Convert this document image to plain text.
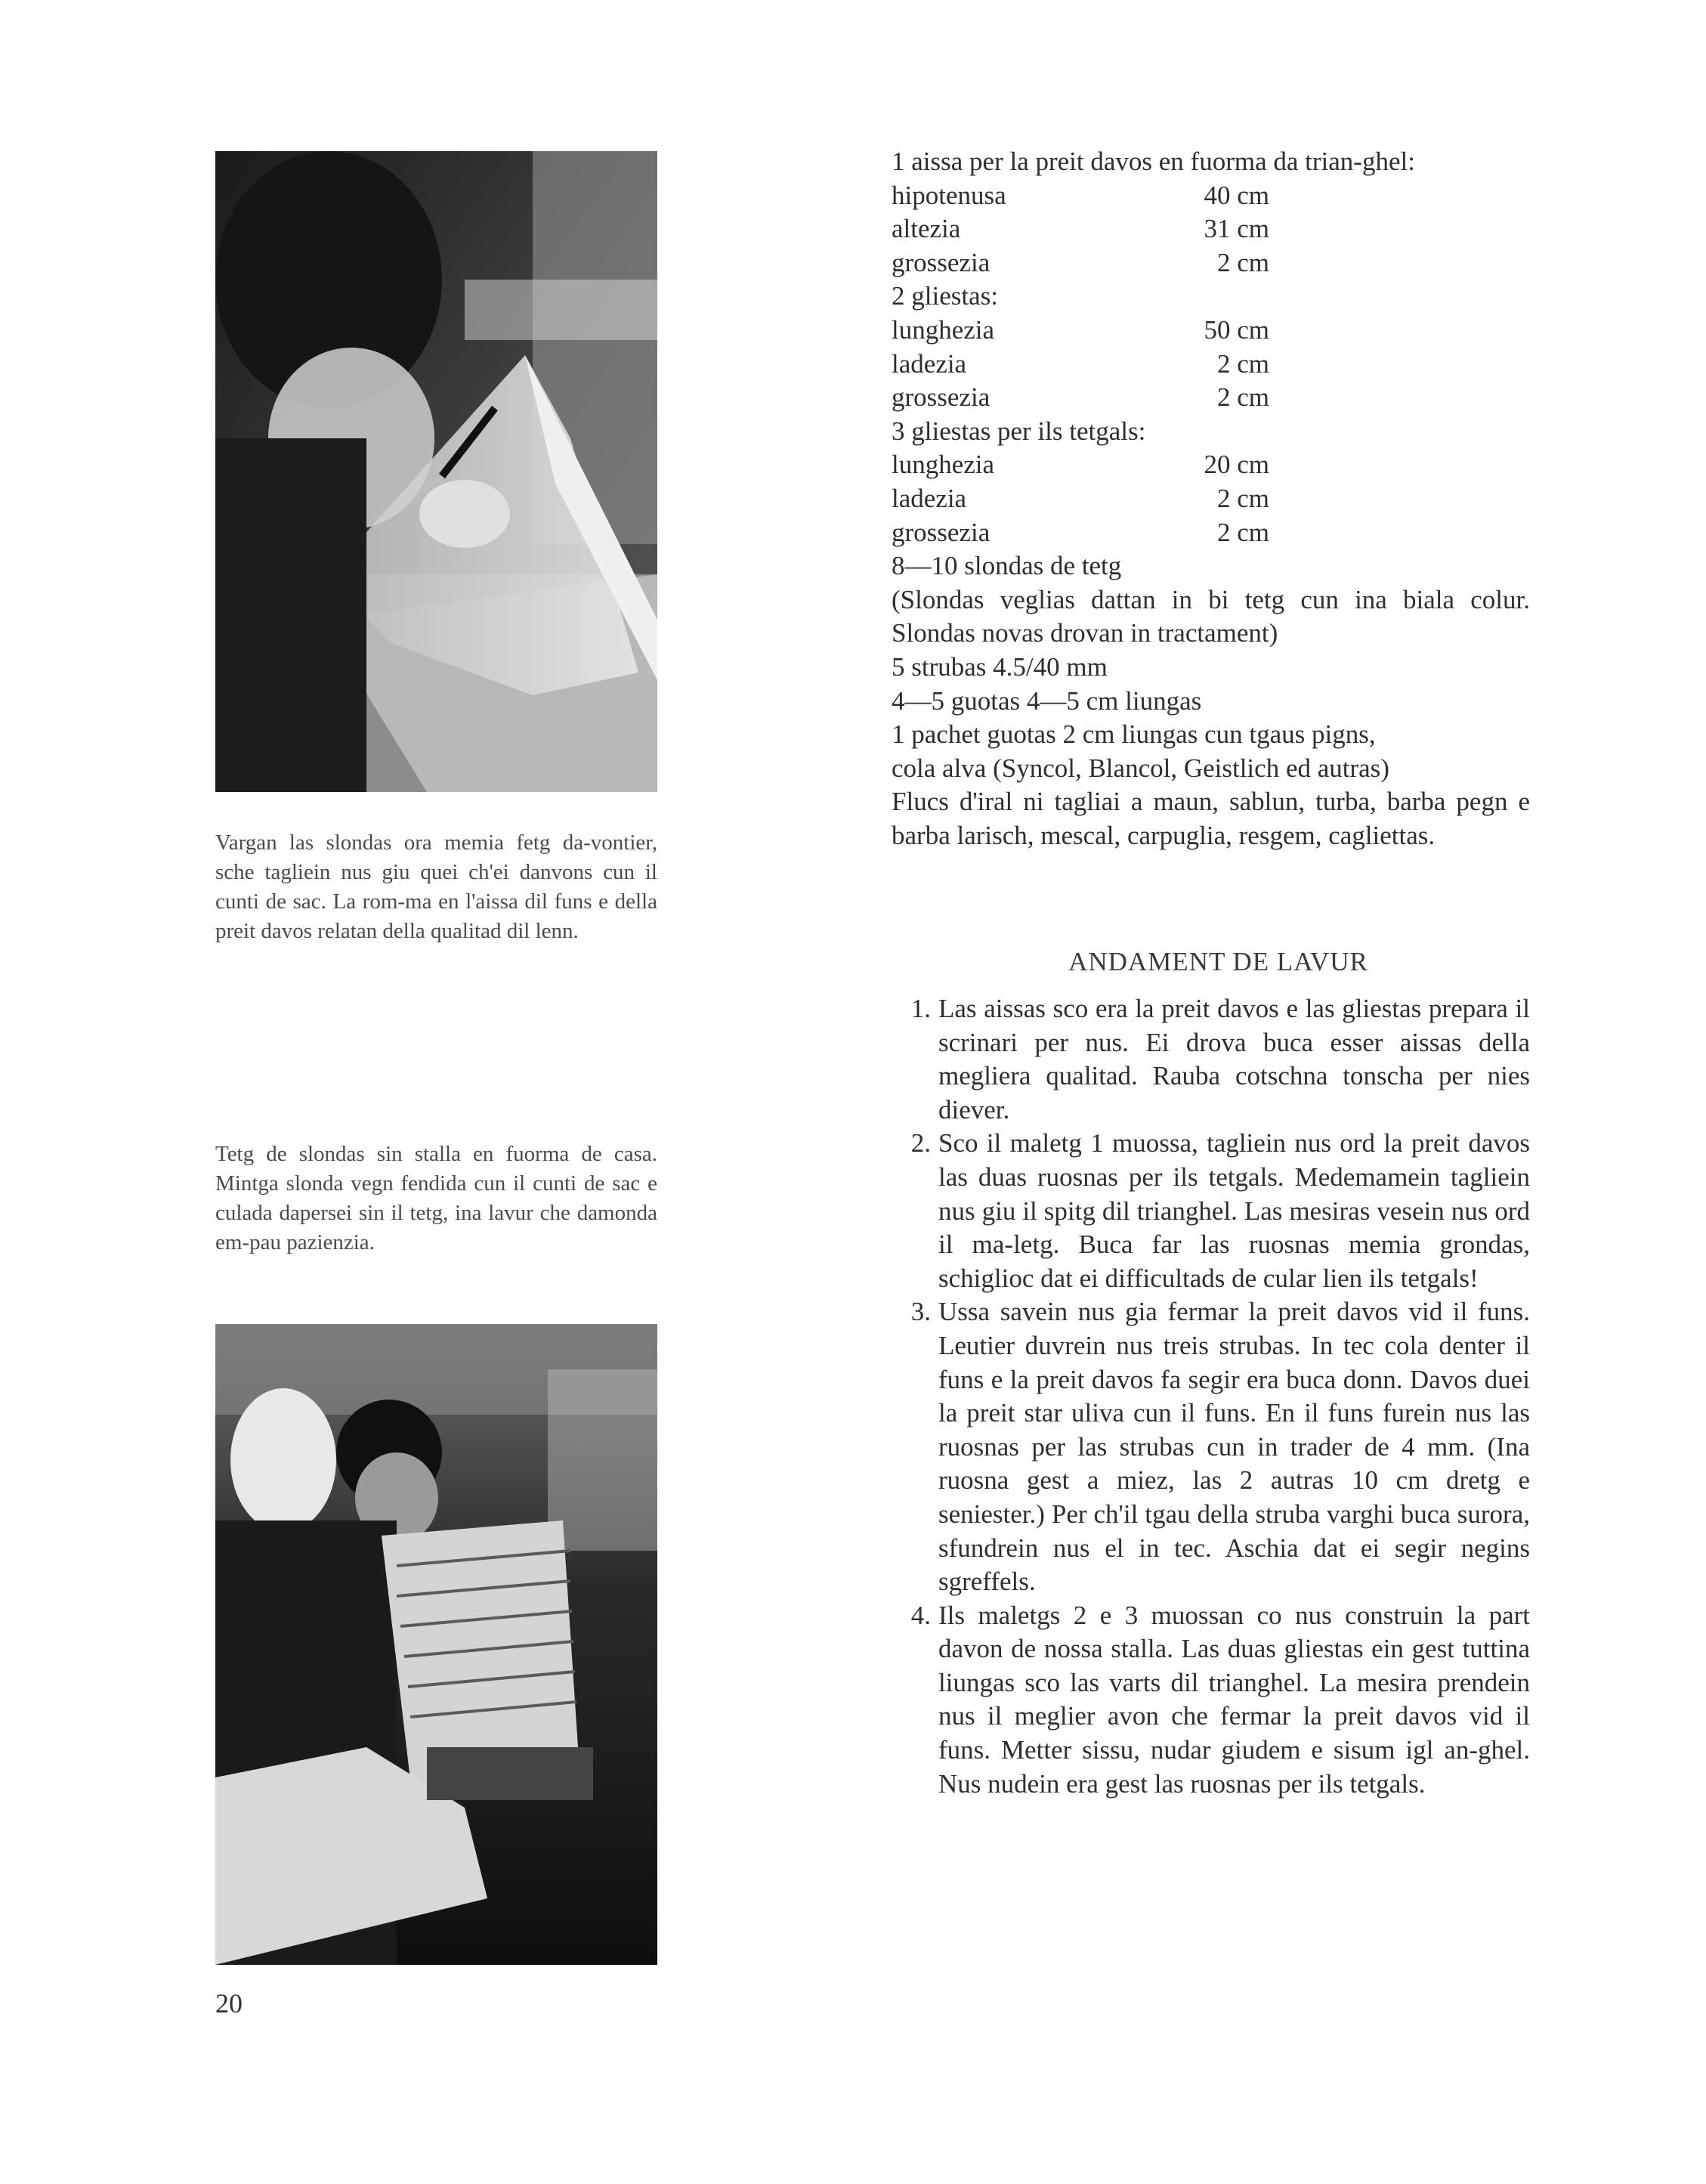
Vargan las slondas ora memia fetg da-vontier, sche tagliein nus giu quei ch'ei danvons cun il cunti de sac. La rom-ma en l'aissa dil funs e della preit davos relatan della qualitad dil lenn.

Tetg de slondas sin stalla en fuorma de casa. Mintga slonda vegn fendida cun il cunti de sac e culada dapersei sin il tetg, ina lavur che damonda em-pau pazienzia.

1 aissa per la preit davos en fuorma da trian-ghel:

hipotenusa	40 cm
altezia	31 cm
grossezia	2 cm

2 gliestas:

lunghezia	50 cm
ladezia	2 cm
grossezia	2 cm

3 gliestas per ils tetgals:

lunghezia	20 cm
ladezia	2 cm
grossezia	2 cm

8—10 slondas de tetg

(Slondas veglias dattan in bi tetg cun ina biala colur. Slondas novas drovan in tractament)

5 strubas 4.5/40 mm

4—5 guotas 4—5 cm liungas

1 pachet guotas 2 cm liungas cun tgaus pigns,

cola alva (Syncol, Blancol, Geistlich ed autras)

Flucs d'iral ni tagliai a maun, sablun, turba, barba pegn e barba larisch, mescal, carpuglia, resgem, cagliettas.

ANDAMENT DE LAVUR
1. Las aissas sco era la preit davos e las gliestas prepara il scrinari per nus. Ei drova buca esser aissas della megliera qualitad. Rauba cotschna tonscha per nies diever.
2. Sco il maletg 1 muossa, tagliein nus ord la preit davos las duas ruosnas per ils tetgals. Medemamein tagliein nus giu il spitg dil trianghel. Las mesiras vesein nus ord il ma-letg. Buca far las ruosnas memia grondas, schiglioc dat ei difficultads de cular lien ils tetgals!
3. Ussa savein nus gia fermar la preit davos vid il funs. Leutier duvrein nus treis strubas. In tec cola denter il funs e la preit davos fa segir era buca donn. Davos duei la preit star uliva cun il funs. En il funs furein nus las ruosnas per las strubas cun in trader de 4 mm. (Ina ruosna gest a miez, las 2 autras 10 cm dretg e seniester.) Per ch'il tgau della struba varghi buca surora, sfundrein nus el in tec. Aschia dat ei segir negins sgreffels.
4. Ils maletgs 2 e 3 muossan co nus construin la part davon de nossa stalla. Las duas gliestas ein gest tuttina liungas sco las varts dil trianghel. La mesira prendein nus il meglier avon che fermar la preit davos vid il funs. Metter sissu, nudar giudem e sisum igl an-ghel. Nus nudein era gest las ruosnas per ils tetgals.

20
